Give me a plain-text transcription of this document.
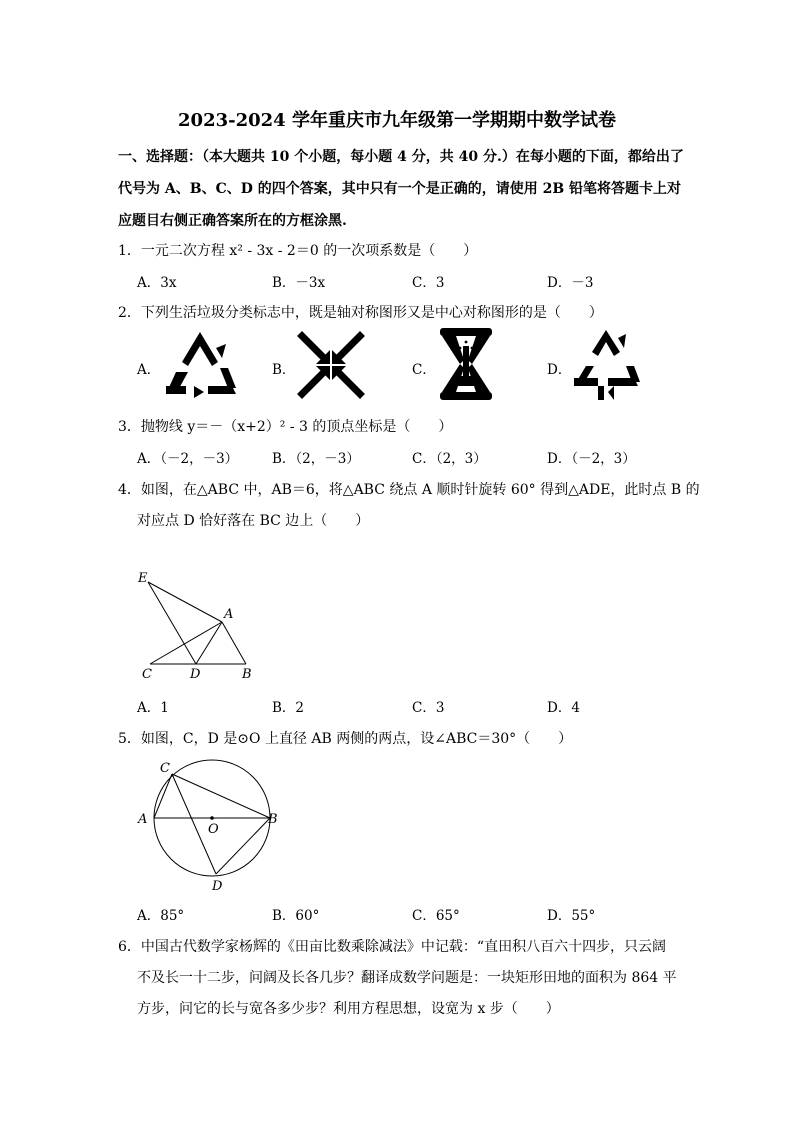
2023-2024 学年重庆市九年级第一学期期中数学试卷
一、选择题：（本大题共 10 个小题，每小题 4 分，共 40 分.）在每小题的下面，都给出了
代号为 A、B、C、D 的四个答案，其中只有一个是正确的，请使用 2B 铅笔将答题卡上对
应题目右侧正确答案所在的方框涂黑.
1．一元二次方程 x² - 3x - 2＝0 的一次项系数是（　　）
A．3x	B．－3x	C．3	D．－3
2．下列生活垃圾分类标志中，既是轴对称图形又是中心对称图形的是（　　）
A．	B．	C．	D．
3．抛物线 y＝－（x+2）² - 3 的顶点坐标是（　　）
A．（－2，－3）	B．（2，－3）	C．（2，3）	D．（－2，3）
4．如图，在△ABC 中，AB＝6，将△ABC 绕点 A 顺时针旋转 60° 得到△ADE，此时点 B 的
对应点 D 恰好落在 BC 边上（　　）
E
A
C	D	B
A．1	B．2	C．3	D．4
5．如图，C，D 是⊙O 上直径 AB 两侧的两点，设∠ABC＝30°（　　）
C
A
O
B
D
A．85°	B．60°	C．65°	D．55°
6．中国古代数学家杨辉的《田亩比数乘除减法》中记载：“直田积八百六十四步，只云阔
不及长一十二步，问阔及长各几步？翻译成数学问题是：一块矩形田地的面积为 864 平
方步，问它的长与宽各多少步？利用方程思想，设宽为 x 步（　　）
